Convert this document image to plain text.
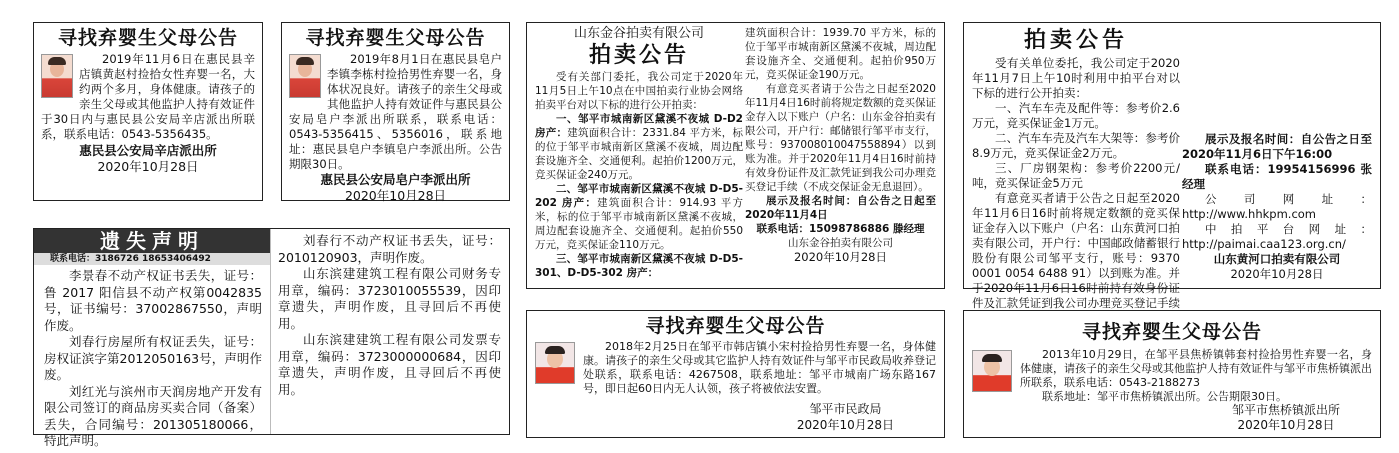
寻找弃婴生父母公告

2019年11月6日在惠民县辛店镇黄赵村捡拾女性弃婴一名，大约两个多月，身体健康。请孩子的亲生父母或其他监护人持有效证件于30日内与惠民县公安局辛店派出所联系，联系电话：0543-5356435。

惠民县公安局辛店派出所

2020年10月28日

寻找弃婴生父母公告

2019年8月1日在惠民县皂户李镇李栋村捡拾男性弃婴一名，身体状况良好。请孩子的亲生父母或其他监护人持有效证件与惠民县公安局皂户李派出所联系，联系电话：0543-5356415、5356016，联系地址：惠民县皂户李镇皂户李派出所。公告期限30日。

惠民县公安局皂户李派出所

2020年10月28日

遗失声明
联系电话：3186726 18653406492

李景春不动产权证书丢失，证号：鲁 2017 阳信县不动产权第0042835号，证书编号：37002867550，声明作废。

刘春行房屋所有权证丢失，证号：房权证滨字第2012050163号，声明作废。

刘红光与滨州市天润房地产开发有限公司签订的商品房买卖合同（备案）丢失，合同编号：201305180066，特此声明。

刘春行不动产权证书丢失，证号：2010120903，声明作废。

山东滨建建筑工程有限公司财务专用章，编码：3723010055539，因印章遗失，声明作废，且寻回后不再使用。

山东滨建建筑工程有限公司发票专用章，编码：3723000000684，因印章遗失，声明作废，且寻回后不再使用。

山东金谷拍卖有限公司
拍卖公告

受有关部门委托，我公司定于2020年11月5日上午10点在中国拍卖行业协会网络拍卖平台对以下标的进行公开拍卖：

一、邹平市城南新区黛溪不夜城 D-D2 房产：建筑面积合计：2331.84 平方米，标的位于邹平市城南新区黛溪不夜城，周边配套设施齐全、交通便利。起拍价1200万元，竞买保证金240万元。

二、邹平市城南新区黛溪不夜城 D-D5-202 房产：建筑面积合计：914.93 平方米，标的位于邹平市城南新区黛溪不夜城，周边配套设施齐全、交通便利。起拍价550万元，竞买保证金110万元。

三、邹平市城南新区黛溪不夜城 D-D5-301、D-D5-302 房产：

建筑面积合计：1939.70 平方米，标的位于邹平市城南新区黛溪不夜城，周边配套设施齐全、交通便利。起拍价950万元，竞买保证金190万元。

有意竞买者请于公告之日起至2020年11月4日16时前将规定数额的竞买保证金存入以下账户（户名：山东金谷拍卖有限公司，开户行：邮储银行邹平市支行，账号：937008010047558894）以到账为准。并于2020年11月4日16时前持有效身份证件及汇款凭证到我公司办理竞买登记手续（不成交保证金无息退回）。

展示及报名时间：自公告之日起至2020年11月4日

联系电话：15098786886 滕经理

山东金谷拍卖有限公司

2020年10月28日

拍卖公告

受有关单位委托，我公司定于2020年11月7日上午10时利用中拍平台对以下标的进行公开拍卖：

一、汽车车壳及配件等：参考价2.6万元，竞买保证金1万元。

二、汽车车壳及汽车大架等：参考价8.9万元，竞买保证金2万元。

三、厂房钢架构：参考价2200元/吨，竞买保证金5万元

有意竞买者请于公告之日起至2020年11月6日16时前将规定数额的竞买保证金存入以下账户（户名：山东黄河口拍卖有限公司，开户行：中国邮政储蓄银行股份有限公司邹平支行，账号：9370 0001 0054 6488 91）以到账为准。并于2020年11月6日16时前持有效身份证件及汇款凭证到我公司办理竞买登记手续

展示及报名时间：自公告之日至2020年11月6日下午16:00

联系电话：19954156996 张经理

公司网址：http://www.hhkpm.com

中拍平台网址：http://paimai.caa123.org.cn/

山东黄河口拍卖有限公司

2020年10月28日

寻找弃婴生父母公告

2018年2月25日在邹平市韩店镇小宋村捡拾男性弃婴一名，身体健康。请孩子的亲生父母或其它监护人持有效证件与邹平市民政局收养登记处联系，联系电话：4267508，联系地址：邹平市城南广场东路167号，即日起60日内无人认领，孩子将被依法安置。

邹平市民政局

2020年10月28日

寻找弃婴生父母公告

2013年10月29日，在邹平县焦桥镇韩套村捡拾男性弃婴一名，身体健康，请孩子的亲生父母或其他监护人持有效证件与邹平市焦桥镇派出所联系，联系电话：0543-2188273

联系地址：邹平市焦桥镇派出所。公告期限30日。

邹平市焦桥镇派出所

2020年10月28日
